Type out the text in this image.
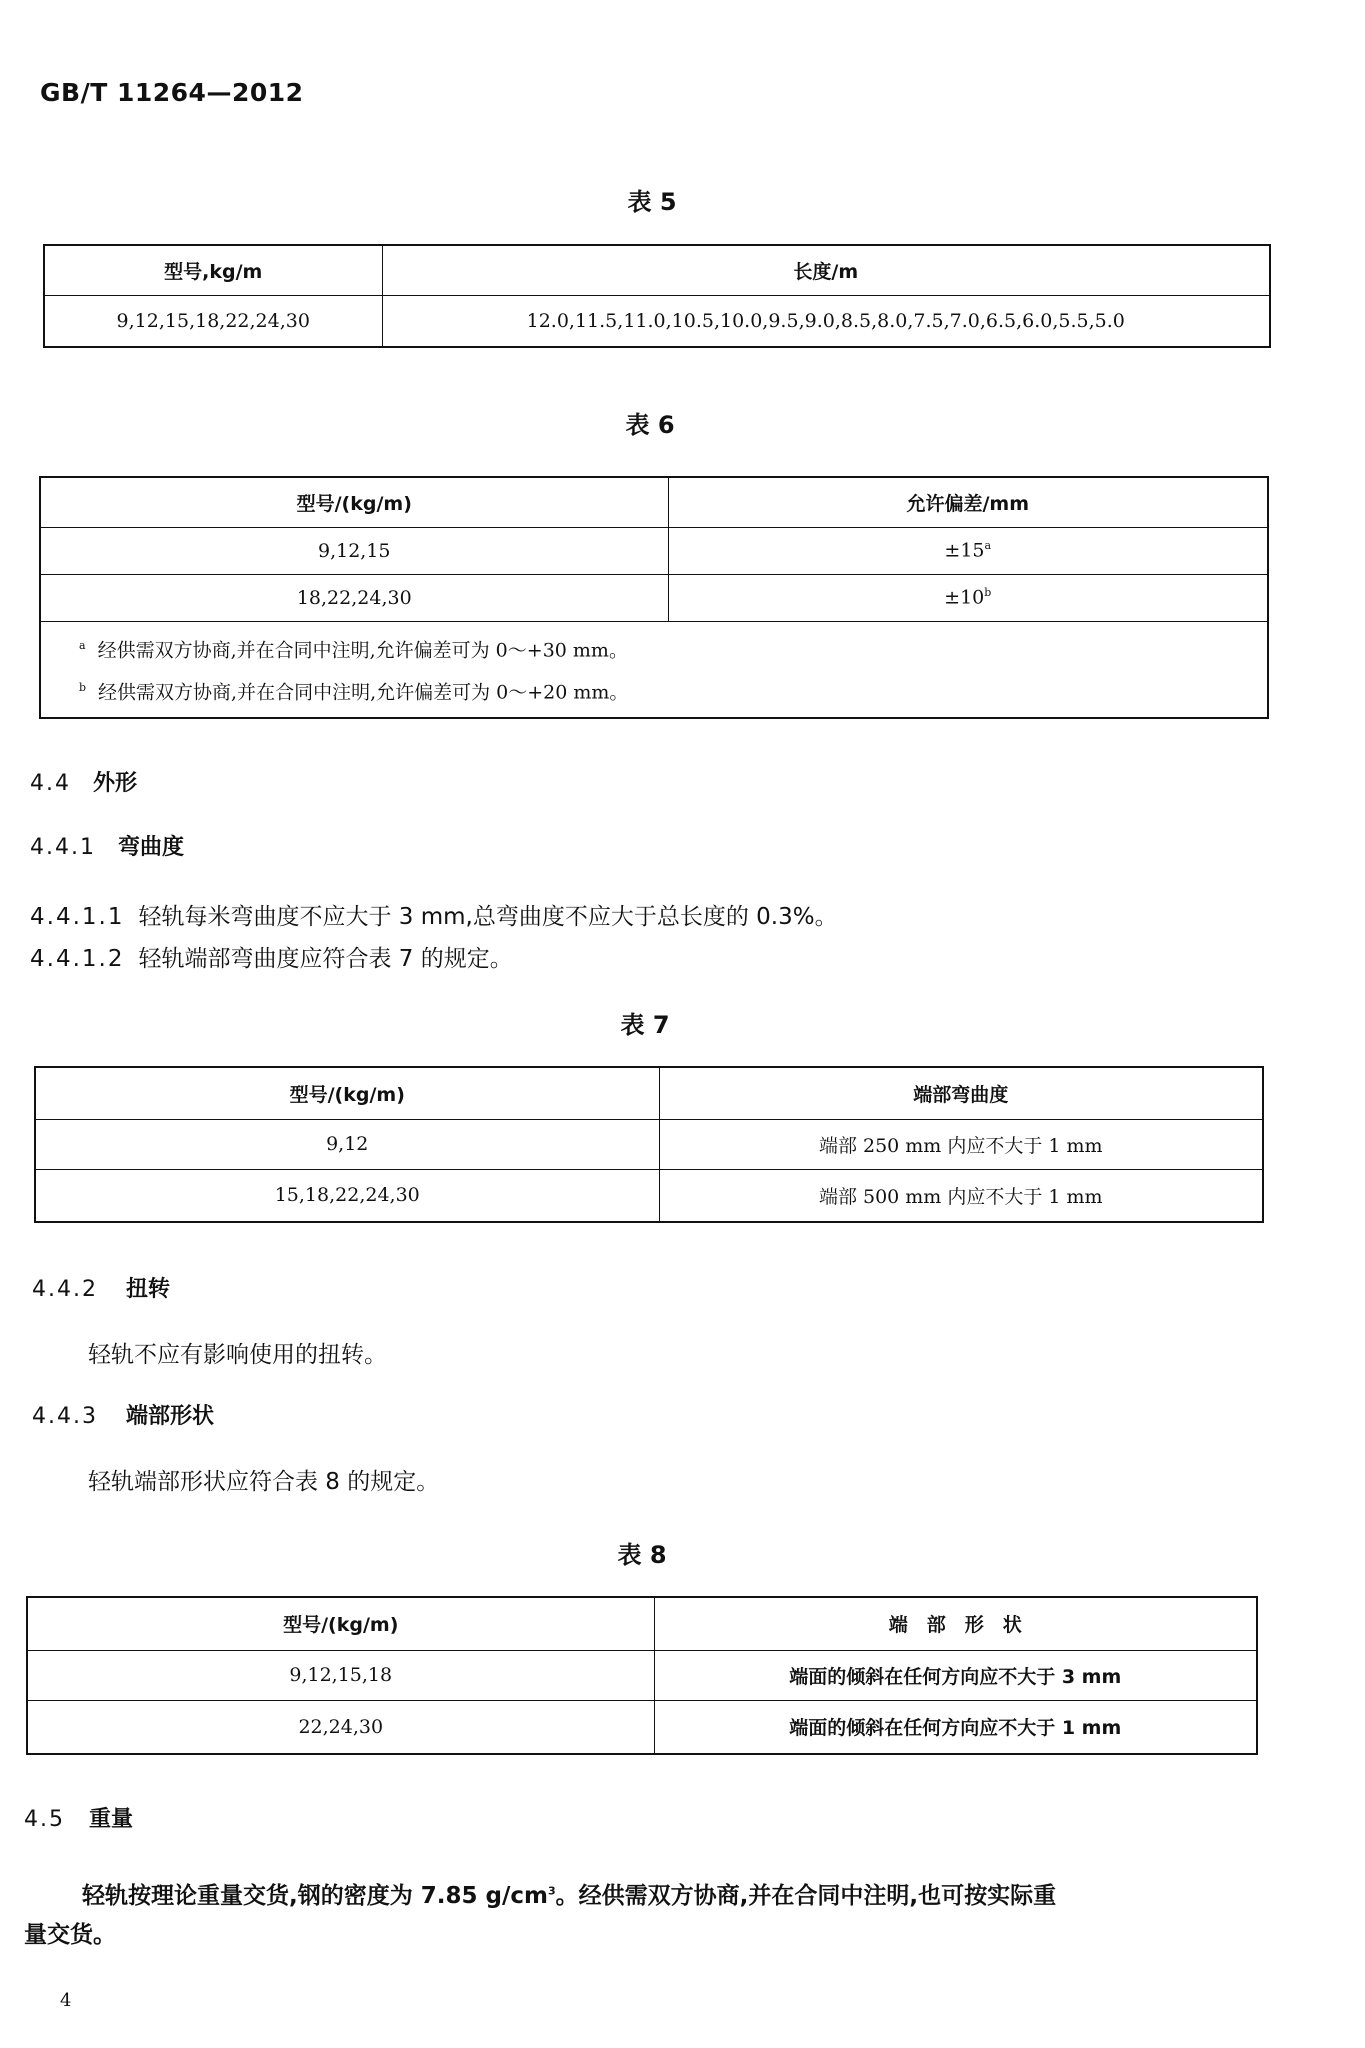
GB/T 11264—2012
表 5
型号,kg/m	长度/m
9,12,15,18,22,24,30	12.0,11.5,11.0,10.5,10.0,9.5,9.0,8.5,8.0,7.5,7.0,6.5,6.0,5.5,5.0
表 6
型号/(kg/m)	允许偏差/mm
9,12,15	$\pm 15^a$
18,22,24,30	$\pm 10^b$

$^a$ 经供需双方协商,并在合同中注明,允许偏差可为 0～+30 mm。
$^b$ 经供需双方协商,并在合同中注明,允许偏差可为 0～+20 mm。	
4.4 外形
4.4.1 弯曲度
4.4.1.1 轻轨每米弯曲度不应大于 3 mm,总弯曲度不应大于总长度的 0.3%。
4.4.1.2 轻轨端部弯曲度应符合表 7 的规定。
表 7
型号/(kg/m)	端部弯曲度
9,12	端部 250 mm 内应不大于 1 mm
15,18,22,24,30	端部 500 mm 内应不大于 1 mm
4.4.2 扭转
轻轨不应有影响使用的扭转。
4.4.3 端部形状
轻轨端部形状应符合表 8 的规定。
表 8
型号/(kg/m)	端　部　形　状
9,12,15,18	端面的倾斜在任何方向应不大于 3 mm
22,24,30	端面的倾斜在任何方向应不大于 1 mm
4.5 重量
轻轨按理论重量交货,钢的密度为 7.85 $g/cm^3$。经供需双方协商,并在合同中注明,也可按实际重
量交货。
4
